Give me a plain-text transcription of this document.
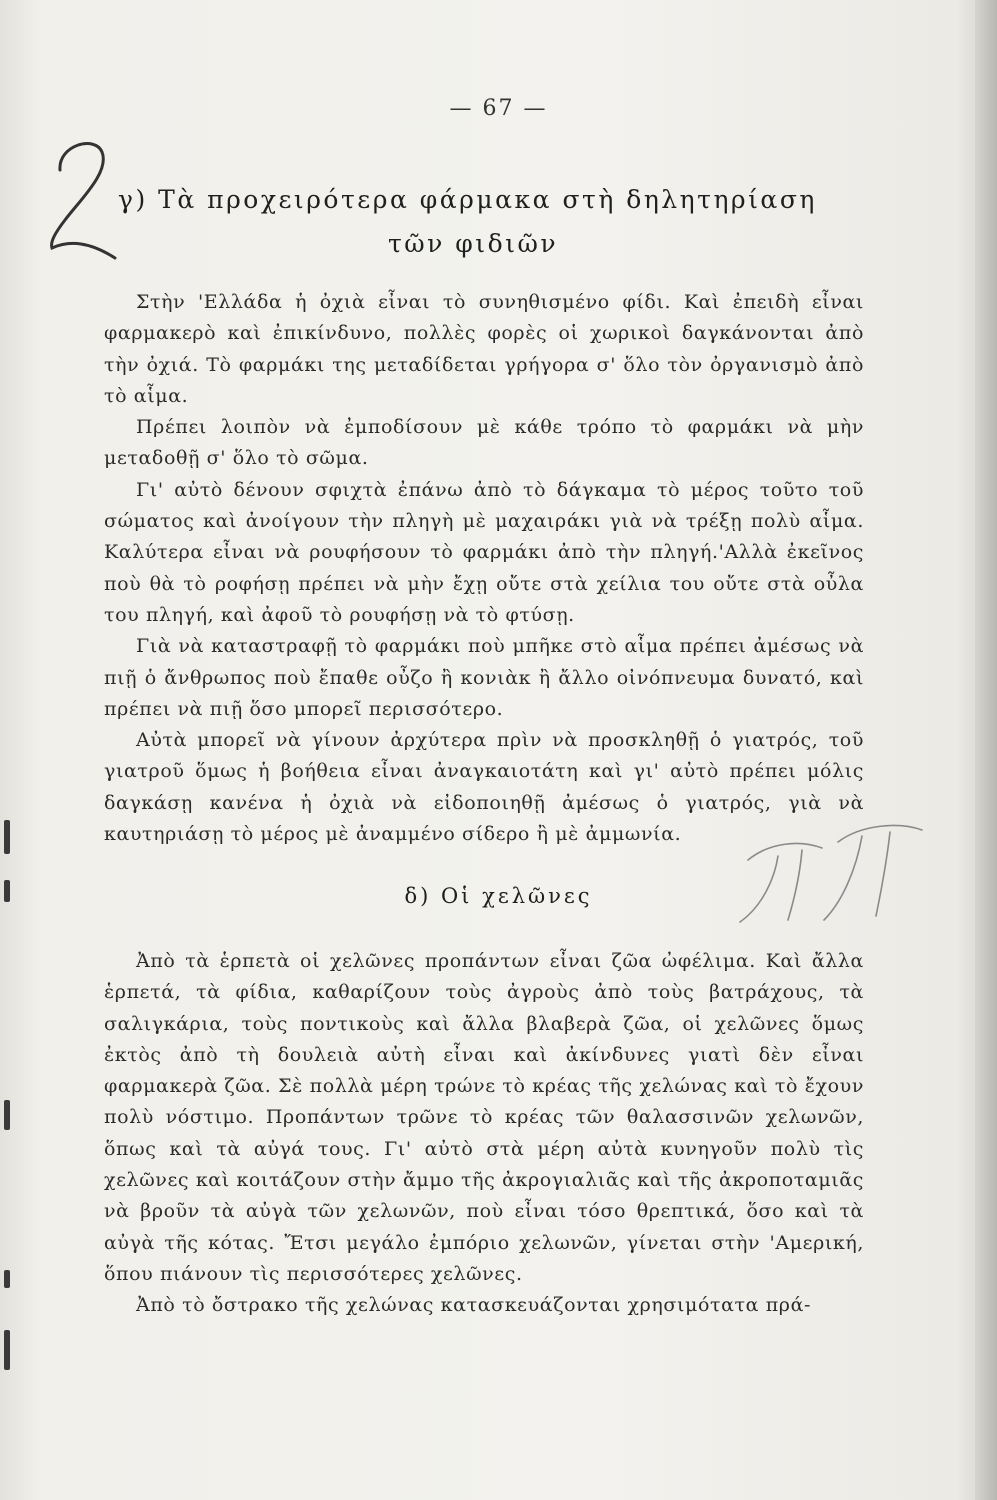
— 67 —
γ) Τὰ προχειρότερα φάρμακα στὴ δηλητηρίαση
τῶν φιδιῶν

Στὴν 'Ελλάδα ἡ ὀχιὰ εἶναι τὸ συνηθισμένο φίδι. Καὶ ἐπειδὴ εἶναι φαρμακερὸ καὶ ἐπικίνδυνο, πολλὲς φορὲς οἱ χωρικοὶ δαγκάνονται ἀπὸ τὴν ὀχιά. Τὸ φαρμάκι της μεταδίδεται γρήγορα σ' ὅλο τὸν ὀργανισμὸ ἀπὸ τὸ αἷμα.

Πρέπει λοιπὸν νὰ ἐμποδίσουν μὲ κάθε τρόπο τὸ φαρμάκι νὰ μὴν μεταδοθῇ σ' ὅλο τὸ σῶμα.

Γι' αὐτὸ δένουν σφιχτὰ ἐπάνω ἀπὸ τὸ δάγκαμα τὸ μέρος τοῦτο τοῦ σώματος καὶ ἀνοίγουν τὴν πληγὴ μὲ μαχαιράκι γιὰ νὰ τρέξῃ πολὺ αἷμα. Καλύτερα εἶναι νὰ ρουφήσουν τὸ φαρμάκι ἀπὸ τὴν πληγή.'Αλλὰ ἐκεῖνος ποὺ θὰ τὸ ροφήσῃ πρέπει νὰ μὴν ἔχῃ οὔτε στὰ χείλια του οὔτε στὰ οὖλα του πληγή, καὶ ἀφοῦ τὸ ρουφήσῃ νὰ τὸ φτύσῃ.

Γιὰ νὰ καταστραφῇ τὸ φαρμάκι ποὺ μπῆκε στὸ αἷμα πρέπει ἀμέσως νὰ πιῇ ὁ ἄνθρωπος ποὺ ἔπαθε οὖζο ἢ κονιὰκ ἢ ἄλλο οἰνόπνευμα δυνατό, καὶ πρέπει νὰ πιῇ ὅσο μπορεῖ περισσότερο.

Αὐτὰ μπορεῖ νὰ γίνουν ἀρχύτερα πρὶν νὰ προσκληθῇ ὁ γιατρός, τοῦ γιατροῦ ὅμως ἡ βοήθεια εἶναι ἀναγκαιοτάτη καὶ γι' αὐτὸ πρέπει μόλις δαγκάσῃ κανένα ἡ ὀχιὰ νὰ εἰδοποιηθῇ ἀμέσως ὁ γιατρός, γιὰ νὰ καυτηριάσῃ τὸ μέρος μὲ ἀναμμένο σίδερο ἢ μὲ ἀμμωνία.

δ) Οἱ χελῶνες

Ἀπὸ τὰ ἑρπετὰ οἱ χελῶνες προπάντων εἶναι ζῶα ὠφέλιμα. Καὶ ἄλλα ἑρπετά, τὰ φίδια, καθαρίζουν τοὺς ἀγροὺς ἀπὸ τοὺς βατράχους, τὰ σαλιγκάρια, τοὺς ποντικοὺς καὶ ἄλλα βλαβερὰ ζῶα, οἱ χελῶνες ὅμως ἐκτὸς ἀπὸ τὴ δουλειὰ αὐτὴ εἶναι καὶ ἀκίνδυνες γιατὶ δὲν εἶναι φαρμακερὰ ζῶα. Σὲ πολλὰ μέρη τρώνε τὸ κρέας τῆς χελώνας καὶ τὸ ἔχουν πολὺ νόστιμο. Προπάντων τρῶνε τὸ κρέας τῶν θαλασσινῶν χελωνῶν, ὅπως καὶ τὰ αὐγά τους. Γι' αὐτὸ στὰ μέρη αὐτὰ κυνηγοῦν πολὺ τὶς χελῶνες καὶ κοιτάζουν στὴν ἄμμο τῆς ἀκρογιαλιᾶς καὶ τῆς ἀκροποταμιᾶς νὰ βροῦν τὰ αὐγὰ τῶν χελωνῶν, ποὺ εἶναι τόσο θρεπτικά, ὅσο καὶ τὰ αὐγὰ τῆς κότας. Ἔτσι μεγάλο ἐμπόριο χελωνῶν, γίνεται στὴν 'Αμερική, ὅπου πιάνουν τὶς περισσότερες χελῶνες.

Ἀπὸ τὸ ὄστρακο τῆς χελώνας κατασκευάζονται χρησιμότατα πρά-
